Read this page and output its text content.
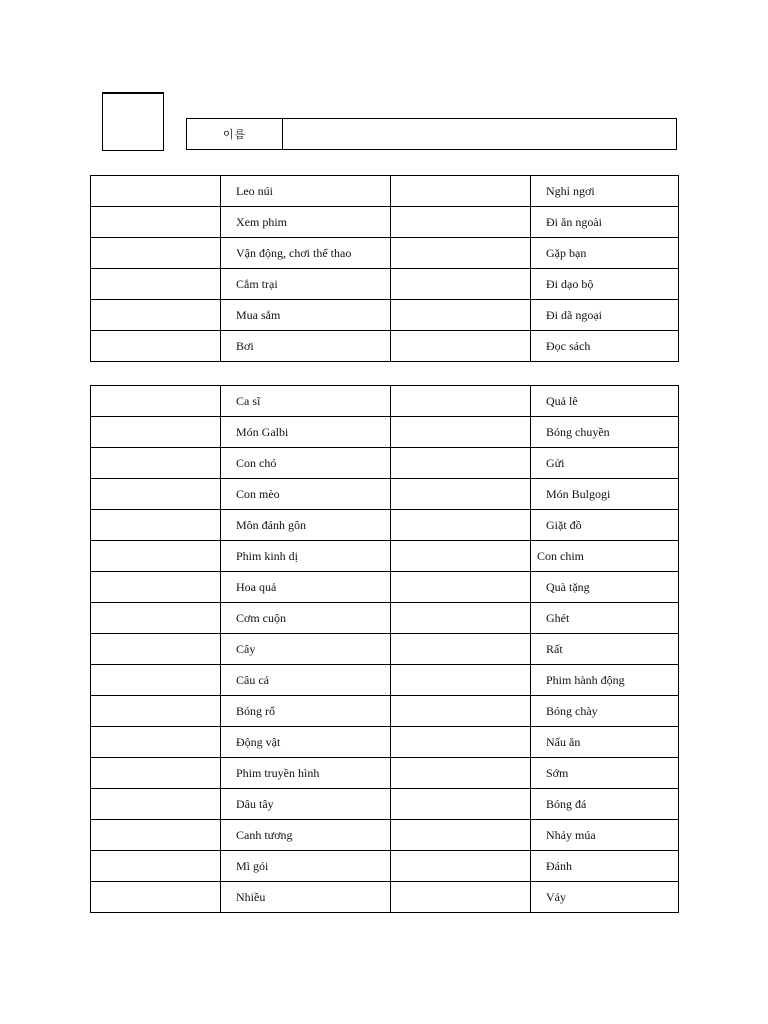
이름	
	Leo núi		Nghỉ ngơi
	Xem phim		Đi ăn ngoài
	Vận động, chơi thể thao		Gặp bạn
	Cắm trại		Đi dạo bộ
	Mua sắm		Đi dã ngoại
	Bơi		Đọc sách
	Ca sĩ		Quả lê
	Món Galbi		Bóng chuyền
	Con chó		Gửi
	Con mèo		Món Bulgogi
	Môn đánh gôn		Giặt đồ
	Phim kinh dị		Con chim
	Hoa quả		Quà tặng
	Cơm cuộn		Ghét
	Cây		Rất
	Câu cá		Phim hành động
	Bóng rổ		Bóng chày
	Động vật		Nấu ăn
	Phim truyền hình		Sớm
	Dâu tây		Bóng đá
	Canh tương		Nhảy múa
	Mì gói		Đánh
	Nhiều		Váy
